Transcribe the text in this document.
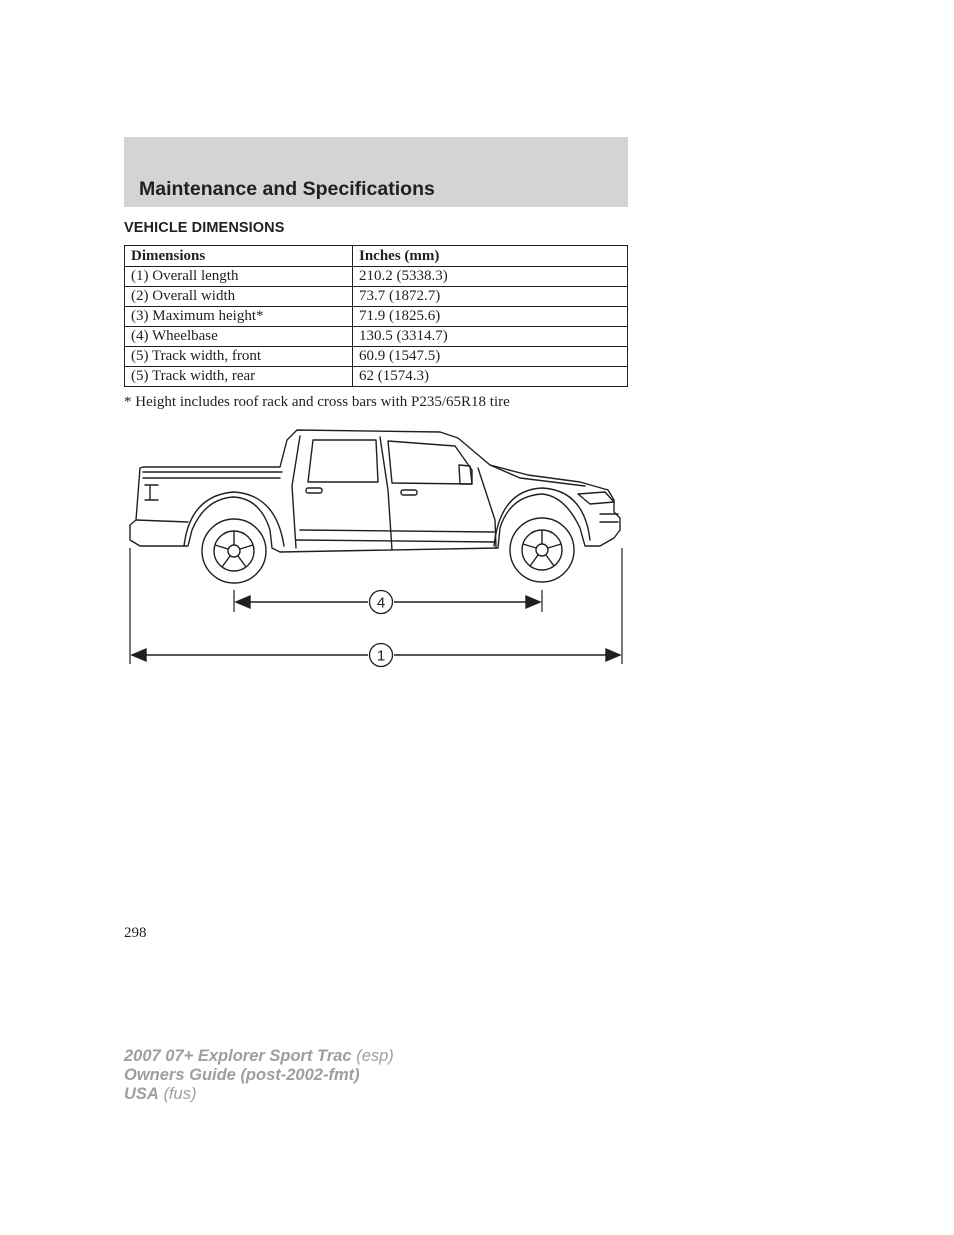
Maintenance and Specifications
VEHICLE DIMENSIONS
Dimensions	Inches (mm)
(1) Overall length	210.2 (5338.3)
(2) Overall width	73.7 (1872.7)
(3) Maximum height*	71.9 (1825.6)
(4) Wheelbase	130.5 (3314.7)
(5) Track width, front	60.9 (1547.5)
(5) Track width, rear	62 (1574.3)

* Height includes roof rack and cross bars with P235/65R18 tire

4
1
298
2007 07+ Explorer Sport Trac (esp)
Owners Guide (post-2002-fmt)
USA (fus)
